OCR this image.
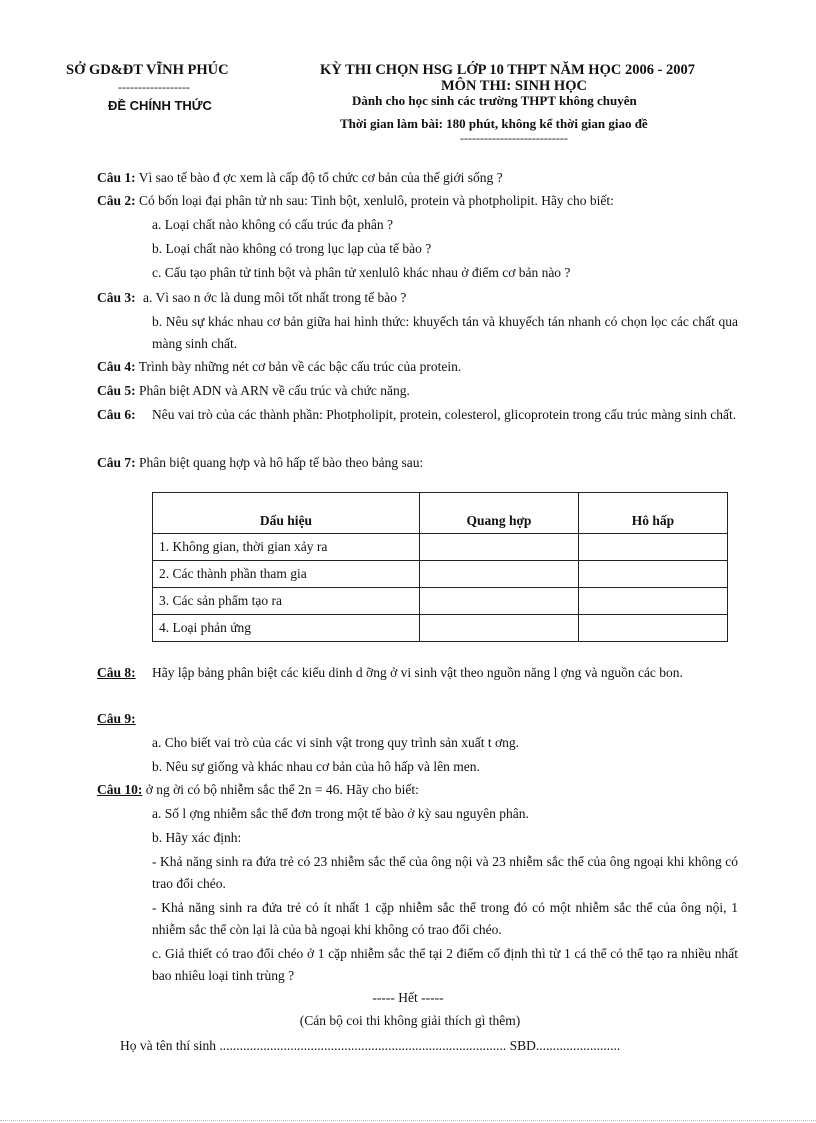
SỞ GD&ĐT VĨNH PHÚC
------------------
ĐỀ CHÍNH THỨC
KỲ THI CHỌN HSG LỚP 10 THPT NĂM HỌC 2006 - 2007
MÔN THI: SINH HỌC
Dành cho học sinh các trường THPT không chuyên
Thời gian làm bài: 180 phút, không kể thời gian giao đề
---------------------------
Câu 1: Vì sao tế bào đ ợc xem là cấp độ tổ chức cơ bản của thế giới sống ?
Câu 2: Có bốn loại đại phân tử nh sau: Tinh bột, xenlulô, protein và photpholipit. Hãy cho biết:
a. Loại chất nào không có cấu trúc đa phân ?
b. Loại chất nào không có trong lục lạp của tế bào ?
c. Cấu tạo phân tử tinh bột và phân tử xenlulô khác nhau ở điểm cơ bản nào ?
Câu 3: a. Vì sao n ớc là dung môi tốt nhất trong tế bào ?
b. Nêu sự khác nhau cơ bản giữa hai hình thức: khuyếch tán và khuyếch tán nhanh có chọn lọc các chất qua màng sinh chất.
Câu 4: Trình bày những nét cơ bản về các bậc cấu trúc của protein.
Câu 5: Phân biệt ADN và ARN về cấu trúc và chức năng.
Câu 6: Nêu vai trò của các thành phần: Photpholipit, protein, colesterol, glicoprotein trong cấu trúc màng sinh chất.
Câu 7: Phân biệt quang hợp và hô hấp tế bào theo bảng sau:
Dấu hiệu	Quang hợp	Hô hấp
1. Không gian, thời gian xảy ra		
2. Các thành phần tham gia		
3. Các sản phẩm tạo ra		
4. Loại phản ứng		
Câu 8: Hãy lập bảng phân biệt các kiểu dinh d ỡng ở vi sinh vật theo nguồn năng l ợng và nguồn các bon.
Câu 9:
a. Cho biết vai trò của các vi sinh vật trong quy trình sản xuất t ơng.
b. Nêu sự giống và khác nhau cơ bản của hô hấp và lên men.
Câu 10: ở ng ời có bộ nhiễm sắc thể 2n = 46. Hãy cho biết:
a. Số l ợng nhiễm sắc thể đơn trong một tế bào ở kỳ sau nguyên phân.
b. Hãy xác định:
- Khả năng sinh ra đứa trẻ có 23 nhiễm sắc thể của ông nội và 23 nhiễm sắc thể của ông ngoại khi không có trao đổi chéo.
- Khả năng sinh ra đứa trẻ có ít nhất 1 cặp nhiễm sắc thể trong đó có một nhiễm sắc thể của ông nội, 1 nhiễm sắc thể còn lại là của bà ngoại khi không có trao đổi chéo.
c. Giả thiết có trao đổi chéo ở 1 cặp nhiễm sắc thể tại 2 điểm cố định thì từ 1 cá thể có thể tạo ra nhiều nhất bao nhiêu loại tinh trùng ?
----- Hết -----
(Cán bộ coi thi không giải thích gì thêm)
Họ và tên thí sinh ..................................................................................... SBD.........................
